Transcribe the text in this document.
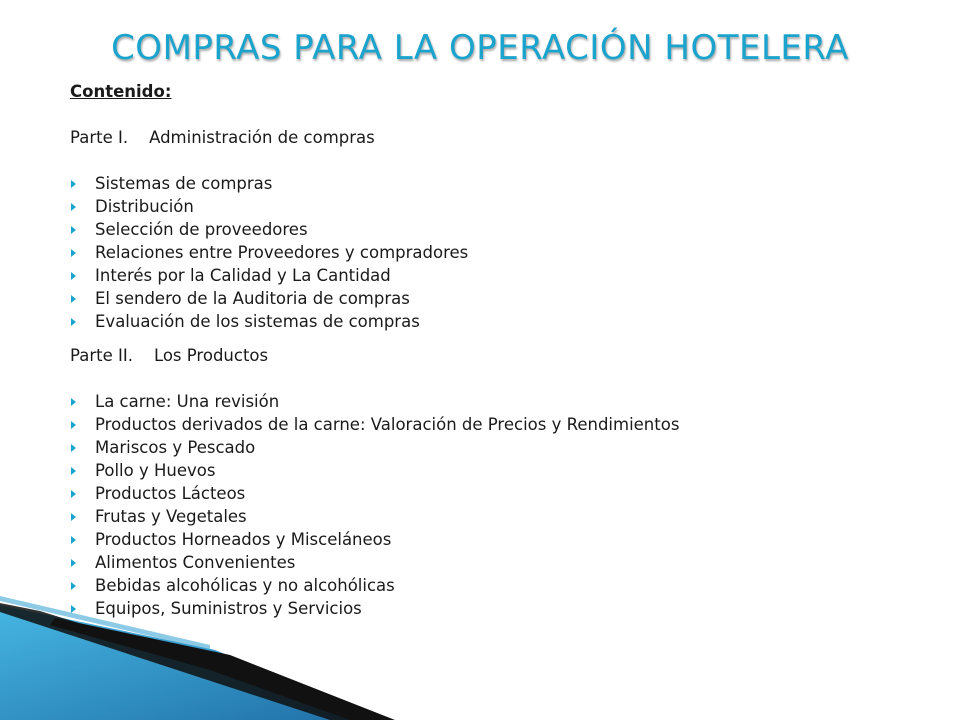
COMPRAS PARA LA OPERACIÓN HOTELERA

Contenido:

Parte I. Administración de compras

Sistemas de compras
Distribución
Selección de proveedores
Relaciones entre Proveedores y compradores
Interés por la Calidad y La Cantidad
El sendero de la Auditoria de compras
Evaluación de los sistemas de compras

Parte II. Los Productos

La carne: Una revisión
Productos derivados de la carne: Valoración de Precios y Rendimientos
Mariscos y Pescado
Pollo y Huevos
Productos Lácteos
Frutas y Vegetales
Productos Horneados y Misceláneos
Alimentos Convenientes
Bebidas alcohólicas y no alcohólicas
Equipos, Suministros y Servicios
